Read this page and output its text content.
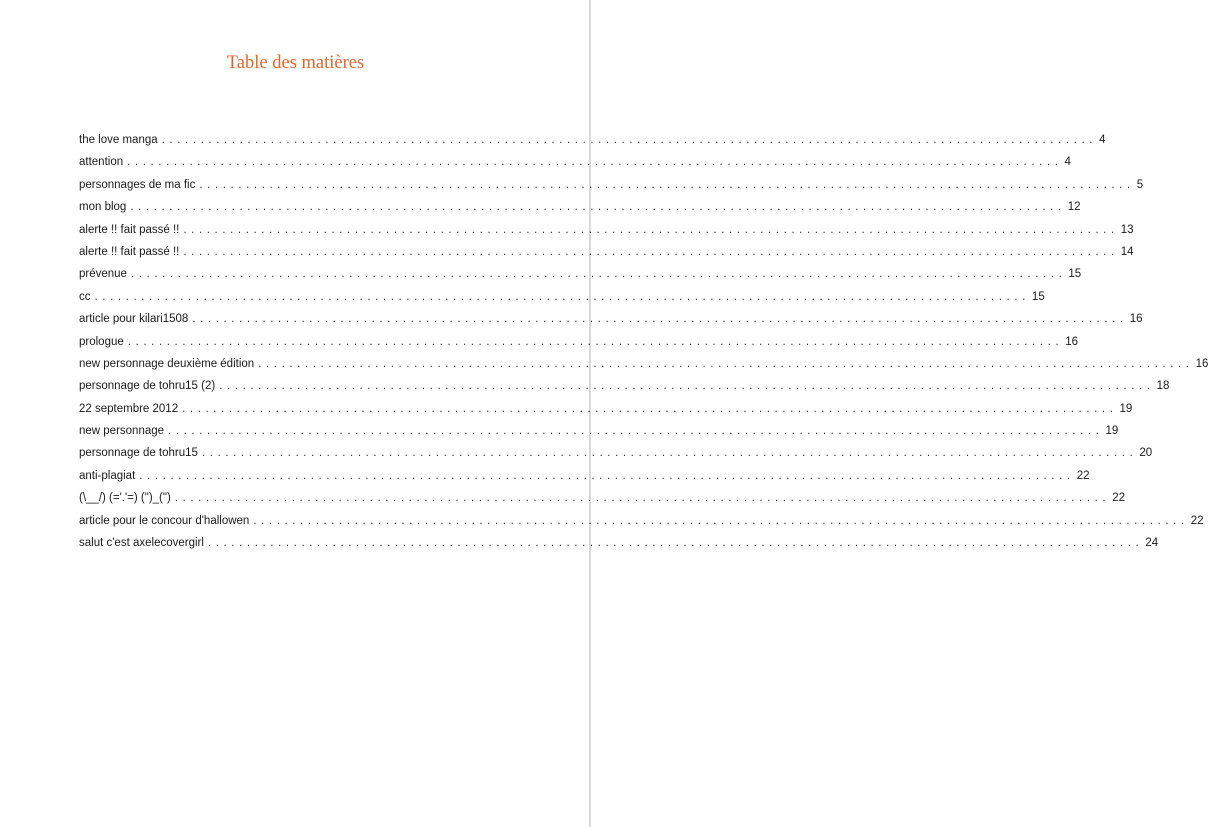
Table des matières
the love manga ........................................................................................................................ 4
attention ........................................................................................................................ 4
personnages de ma fic ........................................................................................................................ 5
mon blog ........................................................................................................................ 12
alerte !! fait passé !! ........................................................................................................................ 13
alerte !! fait passé !! ........................................................................................................................ 14
prévenue ........................................................................................................................ 15
cc ........................................................................................................................ 15
article pour kilari1508 ........................................................................................................................ 16
prologue ........................................................................................................................ 16
new personnage deuxième édition ........................................................................................................................ 16
personnage de tohru15 (2) ........................................................................................................................ 18
22 septembre 2012 ........................................................................................................................ 19
new personnage ........................................................................................................................ 19
personnage de tohru15 ........................................................................................................................ 20
anti-plagiat ........................................................................................................................ 22
(\__/) (='.'=) (")_(") ........................................................................................................................ 22
article pour le concour d'hallowen ........................................................................................................................ 22
salut c'est axelecovergirl ........................................................................................................................ 24
